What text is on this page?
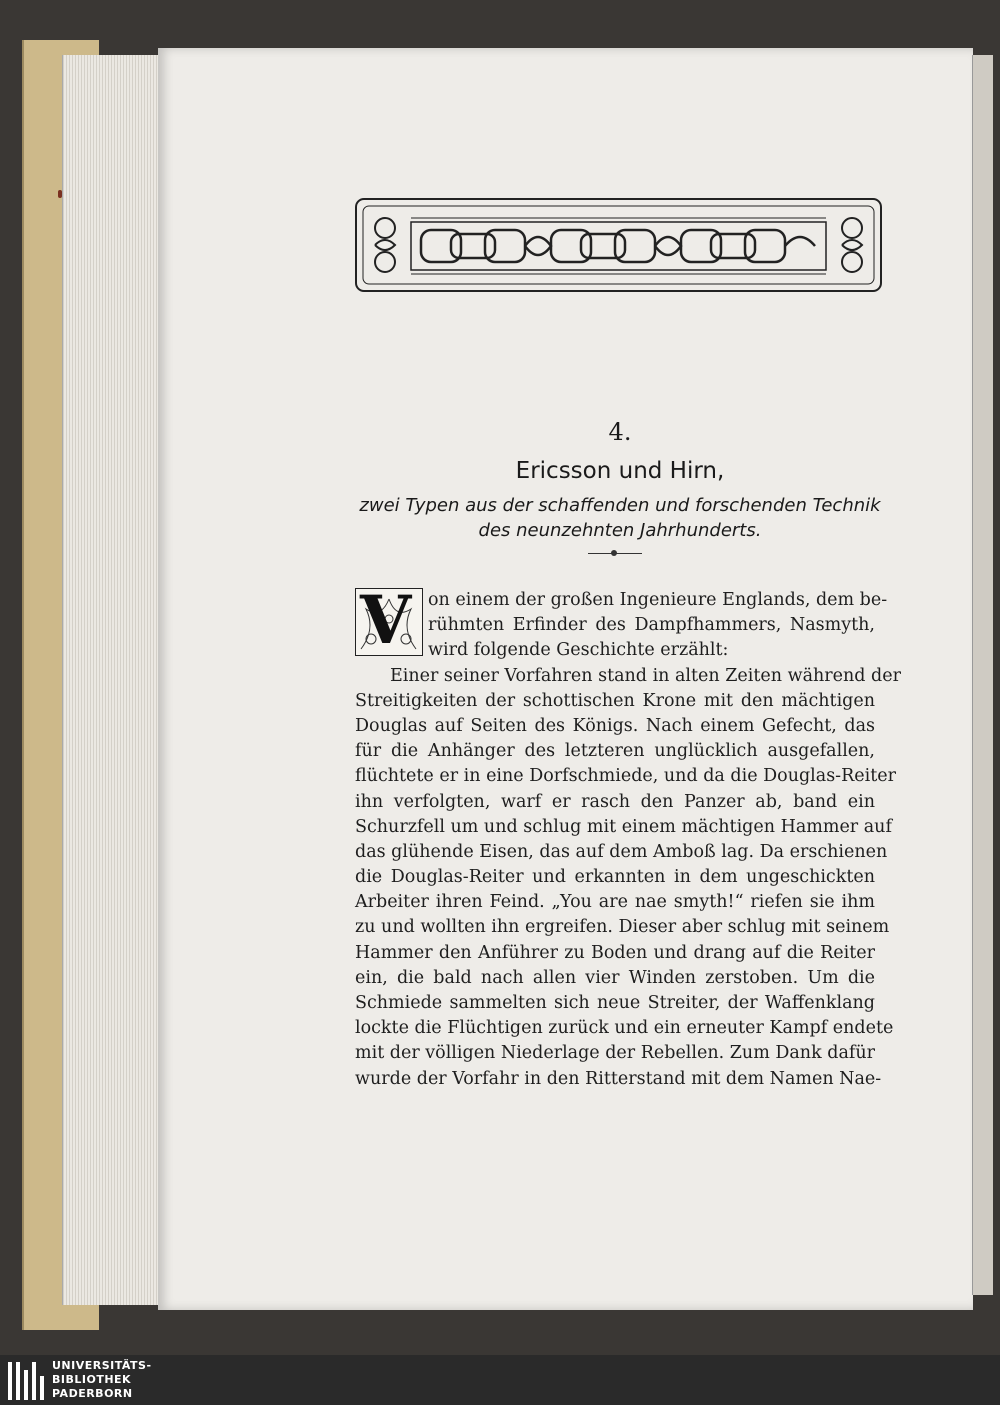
4.
Ericsson und Hirn,
zwei Typen aus der schaffenden und forschenden Technik
des neunzehnten Jahrhunderts.
V on einem der großen Ingenieure Englands, dem be-
rühmten Erfinder des Dampfhammers, Nasmyth,
wird folgende Geschichte erzählt:
Einer seiner Vorfahren stand in alten Zeiten während der
Streitigkeiten der schottischen Krone mit den mächtigen
Douglas auf Seiten des Königs. Nach einem Gefecht, das
für die Anhänger des letzteren unglücklich ausgefallen,
flüchtete er in eine Dorfschmiede, und da die Douglas-Reiter
ihn verfolgten, warf er rasch den Panzer ab, band ein
Schurzfell um und schlug mit einem mächtigen Hammer auf
das glühende Eisen, das auf dem Amboß lag. Da erschienen
die Douglas-Reiter und erkannten in dem ungeschickten
Arbeiter ihren Feind. „You are nae smyth!“ riefen sie ihm
zu und wollten ihn ergreifen. Dieser aber schlug mit seinem
Hammer den Anführer zu Boden und drang auf die Reiter
ein, die bald nach allen vier Winden zerstoben. Um die
Schmiede sammelten sich neue Streiter, der Waffenklang
lockte die Flüchtigen zurück und ein erneuter Kampf endete
mit der völligen Niederlage der Rebellen. Zum Dank dafür
wurde der Vorfahr in den Ritterstand mit dem Namen Nae-
UNIVERSITÄTS-
BIBLIOTHEK
PADERBORN
